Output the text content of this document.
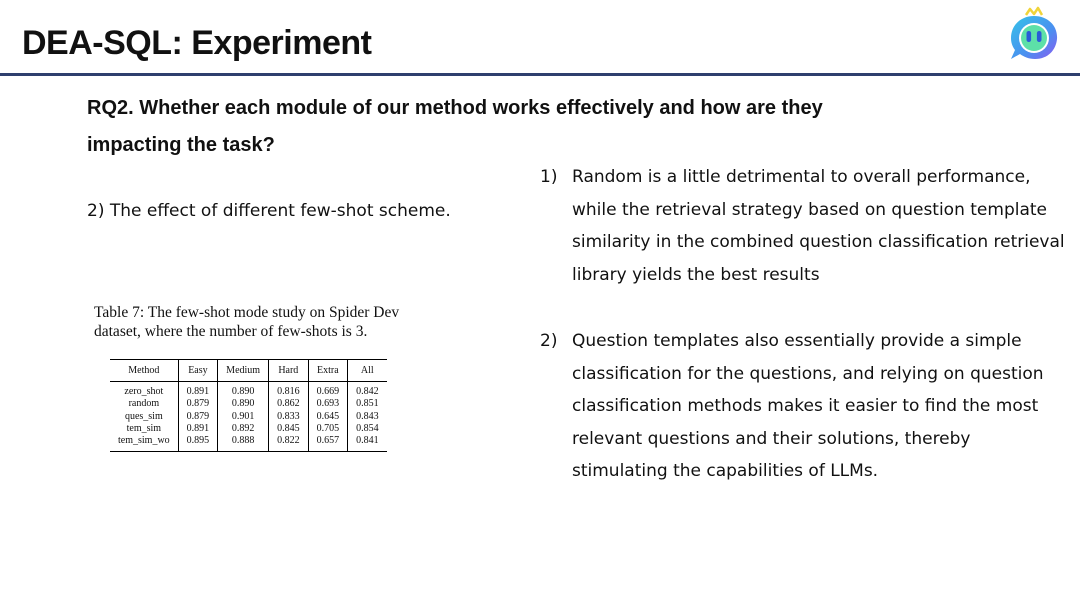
DEA-SQL: Experiment
RQ2. Whether each module of our method works effectively and how are they impacting the task?
2) The effect of different few-shot scheme.
Table 7: The few-shot mode study on Spider Dev dataset, where the number of few-shots is 3.
Method	Easy	Medium	Hard	Extra	All
zero_shot	0.891	0.890	0.816	0.669	0.842
random	0.879	0.890	0.862	0.693	0.851
ques_sim	0.879	0.901	0.833	0.645	0.843
tem_sim	0.891	0.892	0.845	0.705	0.854
tem_sim_wo	0.895	0.888	0.822	0.657	0.841
1) Random is a little detrimental to overall performance, while the retrieval strategy based on question template similarity in the combined question classification retrieval library yields the best results
2) Question templates also essentially provide a simple classification for the questions, and relying on question classification methods makes it easier to find the most relevant questions and their solutions, thereby stimulating the capabilities of LLMs.
